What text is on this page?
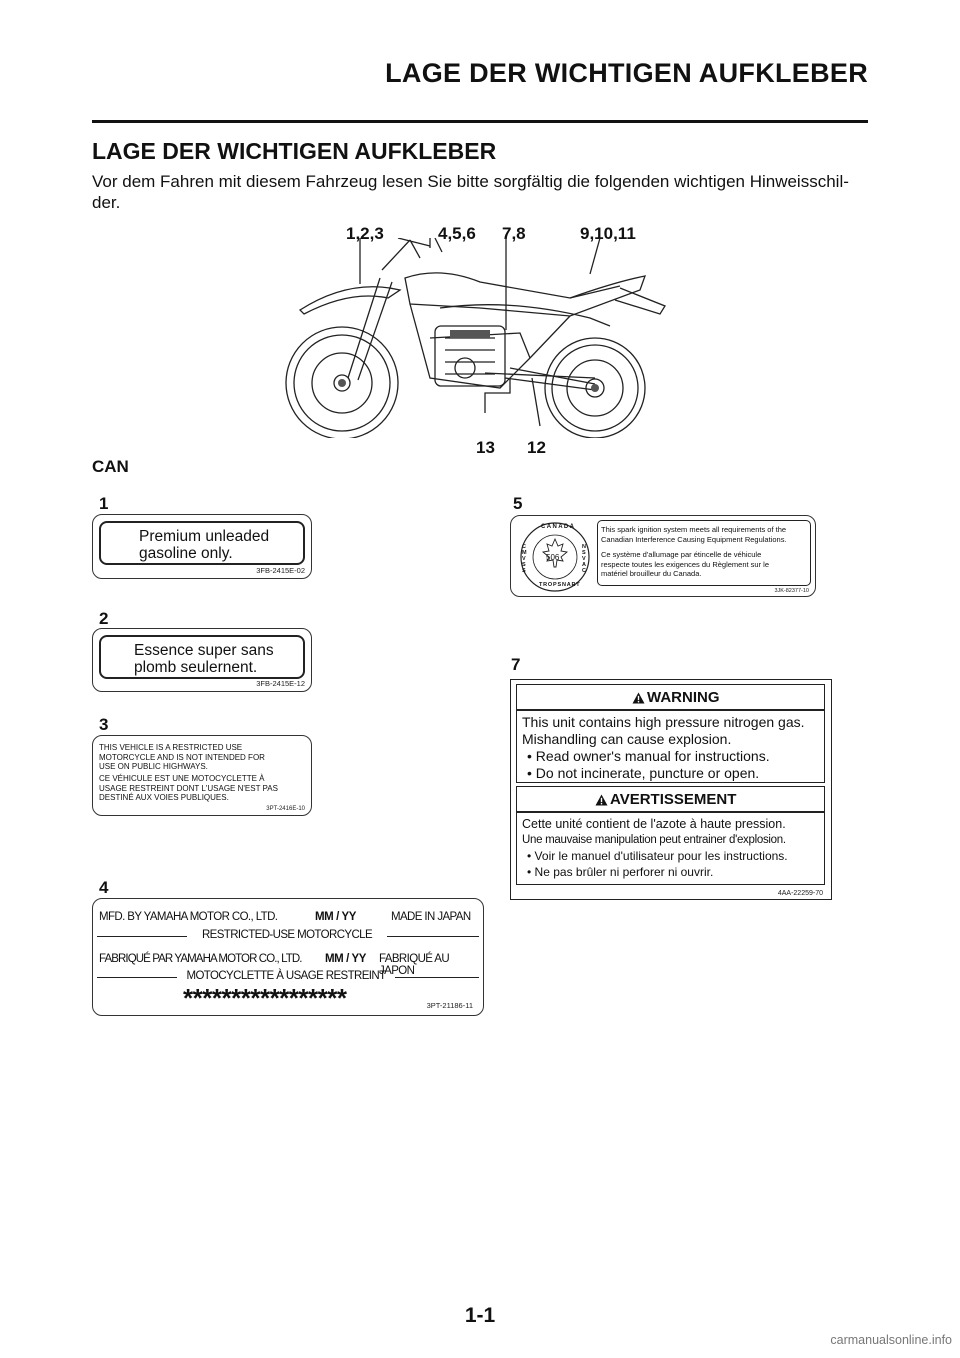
LAGE DER WICHTIGEN AUFKLEBER
LAGE DER WICHTIGEN AUFKLEBER
Vor dem Fahren mit diesem Fahrzeug lesen Sie bitte sorgfältig die folgenden wichtigen Hinweisschil-der.
1,2,3	4,5,6 7,8	9,10,11
13 12
CAN
1
Premium unleaded
gasoline only.
3FB-2415E-02
2
Essence super sans
plomb seulernent.
3FB-2415E-12
3
THIS VEHICLE IS A RESTRICTED USE
MOTORCYCLE AND IS NOT INTENDED FOR
USE ON PUBLIC HIGHWAYS.
CE VÉHICULE EST UNE MOTOCYCLETTE À
USAGE RESTREINT DONT L'USAGE N'EST PAS
DESTINÉ AUX VOIES PUBLIQUES.
3PT-2416E-10
4
MFD. BY YAMAHA MOTOR CO., LTD.	MM / YY	MADE IN JAPAN
RESTRICTED-USE MOTORCYCLE
FABRIQUÉ PAR YAMAHA MOTOR CO., LTD. MM / YY FABRIQUÉ AU JAPON
MOTOCYCLETTE À USAGE RESTREINT
*****************	3PT-21186-11
5
CANADA
CMVSS
NSVAC
TROPSNART
506
This spark ignition system meets all requirements of the
Canadian Interference Causing Equipment Regulations.
Ce système d'allumage par étincelle de véhicule
respecte toutes les exigences du Règlement sur le
matériel brouilleur du Canada.
3JK-82377-10
7
WARNING
This unit contains high pressure nitrogen gas.
Mishandling can cause explosion.
• Read owner's manual for instructions.
• Do not incinerate, puncture or open.
AVERTISSEMENT
Cette unité contient de l'azote à haute pression.
Une mauvaise manipulation peut entrainer d'explosion.
• Voir le manuel d'utilisateur pour les instructions.
• Ne pas brûler ni perforer ni ouvrir.
4AA-22259-70
1-1
carmanualsonline.info
